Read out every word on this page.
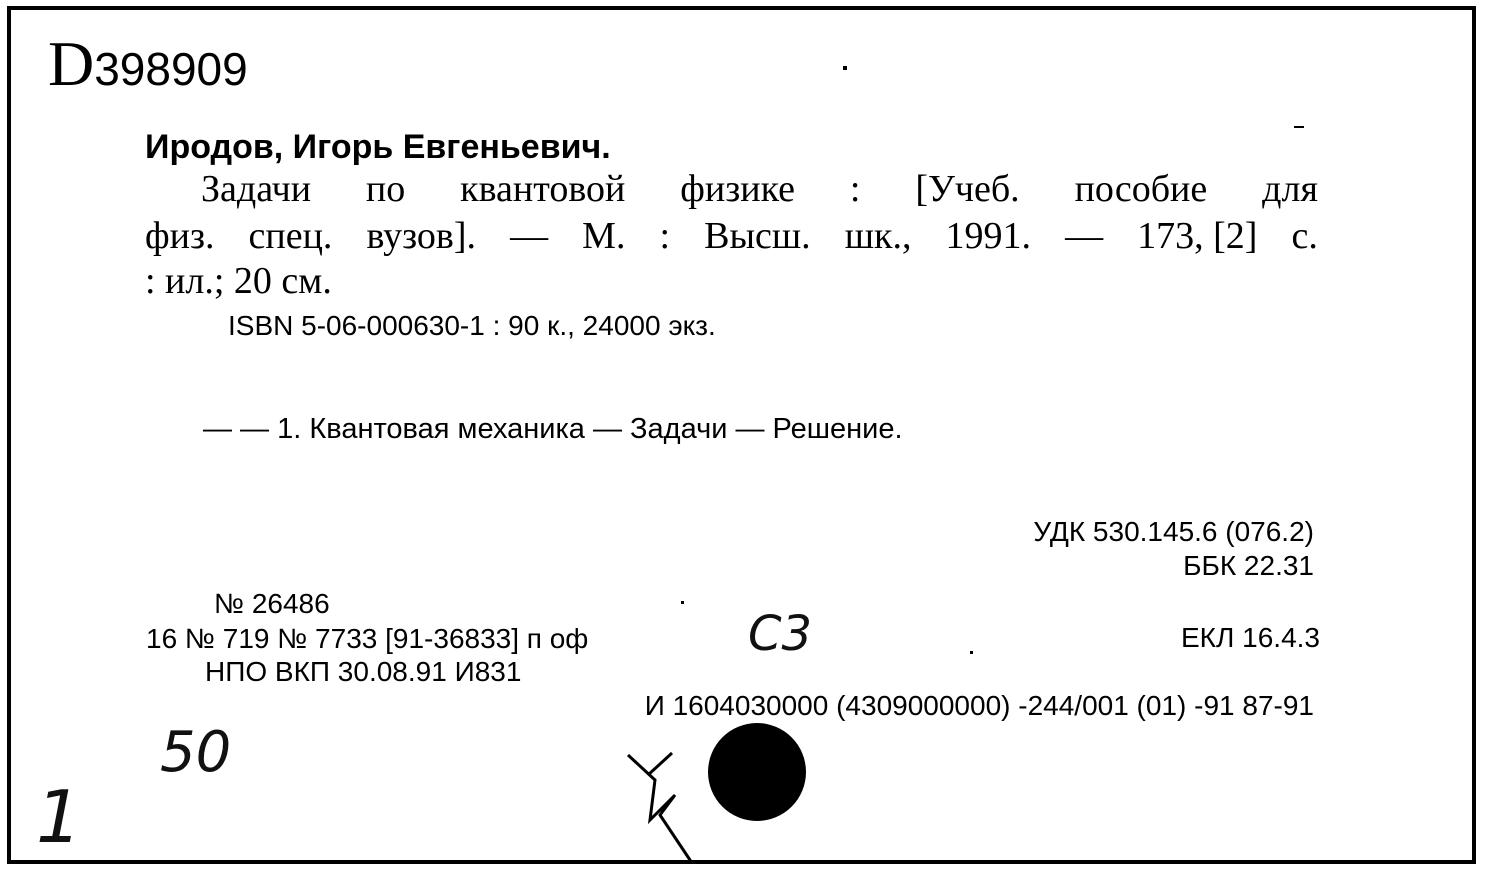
D398909
Иродов, Игорь Евгеньевич.
Задачи по квантовой физике : [Учеб. пособие для
физ. спец. вузов]. — М. : Высш. шк., 1991. — 173, [2] с.
: ил.; 20 см.
ISBN 5-06-000630-1 : 90 к., 24000 экз.
— — 1. Квантовая механика — Задачи — Решение.
УДК 530.145.6 (076.2)
ББК 22.31
№ 26486
16 № 719 № 7733 [91-36833] п оф	ЕКЛ 16.4.3
НПО ВКП 30.08.91 И831
И 1604030000 (4309000000) -244/001 (01) -91 87-91
С3
50
1
